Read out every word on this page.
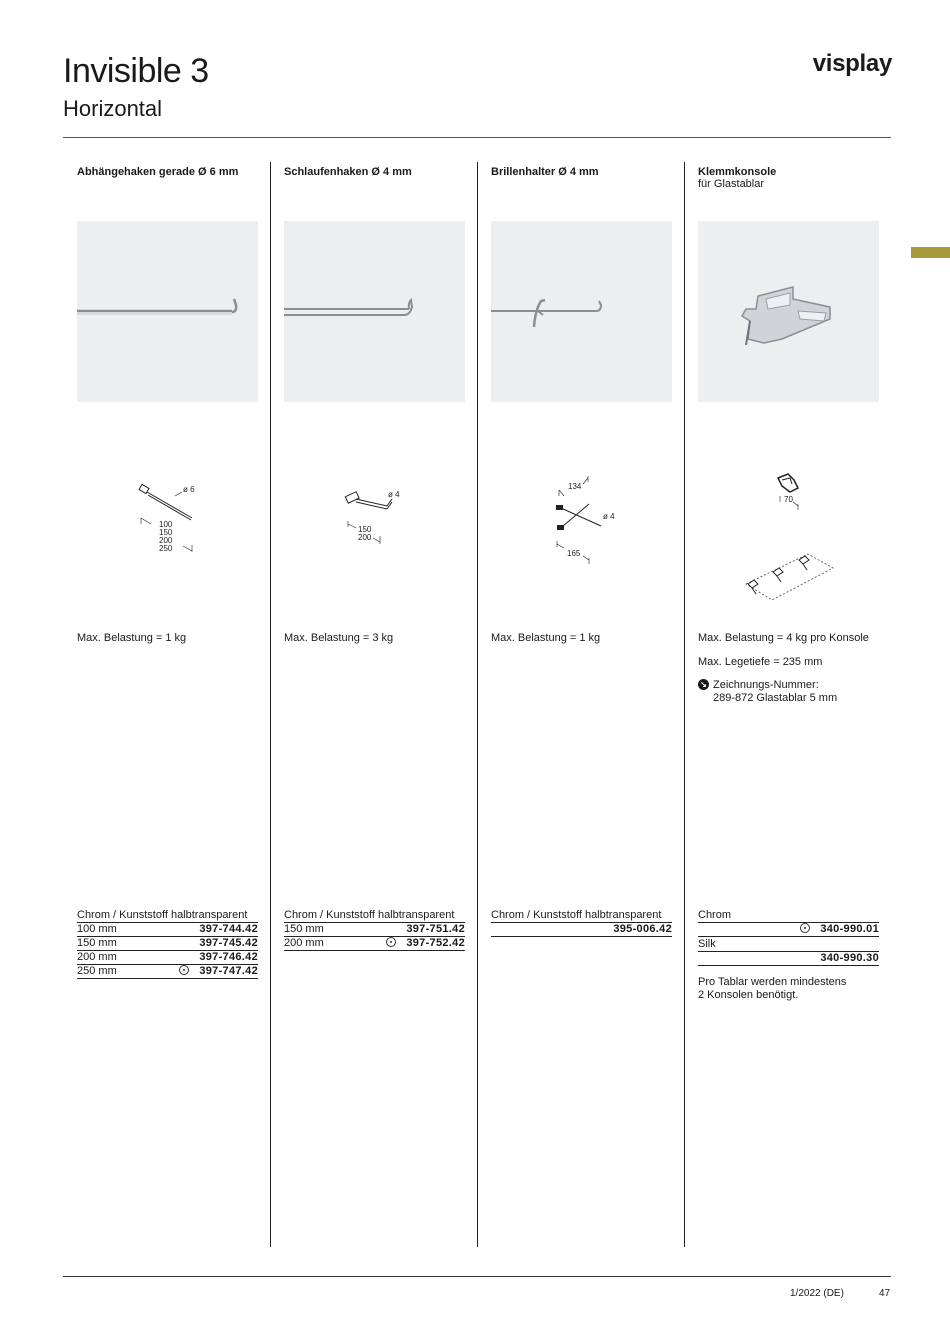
Invisible 3
Horizontal
visplay
Abhängehaken gerade Ø 6 mm
ø 6
100
150
200
250
Max. Belastung = 1 kg
Chrom / Kunststoff halbtransparent
100 mm	397-744.42
150 mm	397-745.42
200 mm	397-746.42
250 mm	397-747.42
Schlaufenhaken Ø 4 mm
ø 4
150
200
Max. Belastung = 3 kg
Chrom / Kunststoff halbtransparent
150 mm	397-751.42
200 mm	397-752.42
Brillenhalter Ø 4 mm
134
ø 4
165
Max. Belastung = 1 kg
Chrom / Kunststoff halbtransparent
395-006.42
Klemmkonsole
für Glastablar
70
Max. Belastung = 4 kg pro Konsole
Max. Legetiefe = 235 mm
↘ Zeichnungs-Nummer:
289-872 Glastablar 5 mm
Chrom
340-990.01
Silk
340-990.30
Pro Tablar werden mindestens
2 Konsolen benötigt.
1/2022 (DE)	47
